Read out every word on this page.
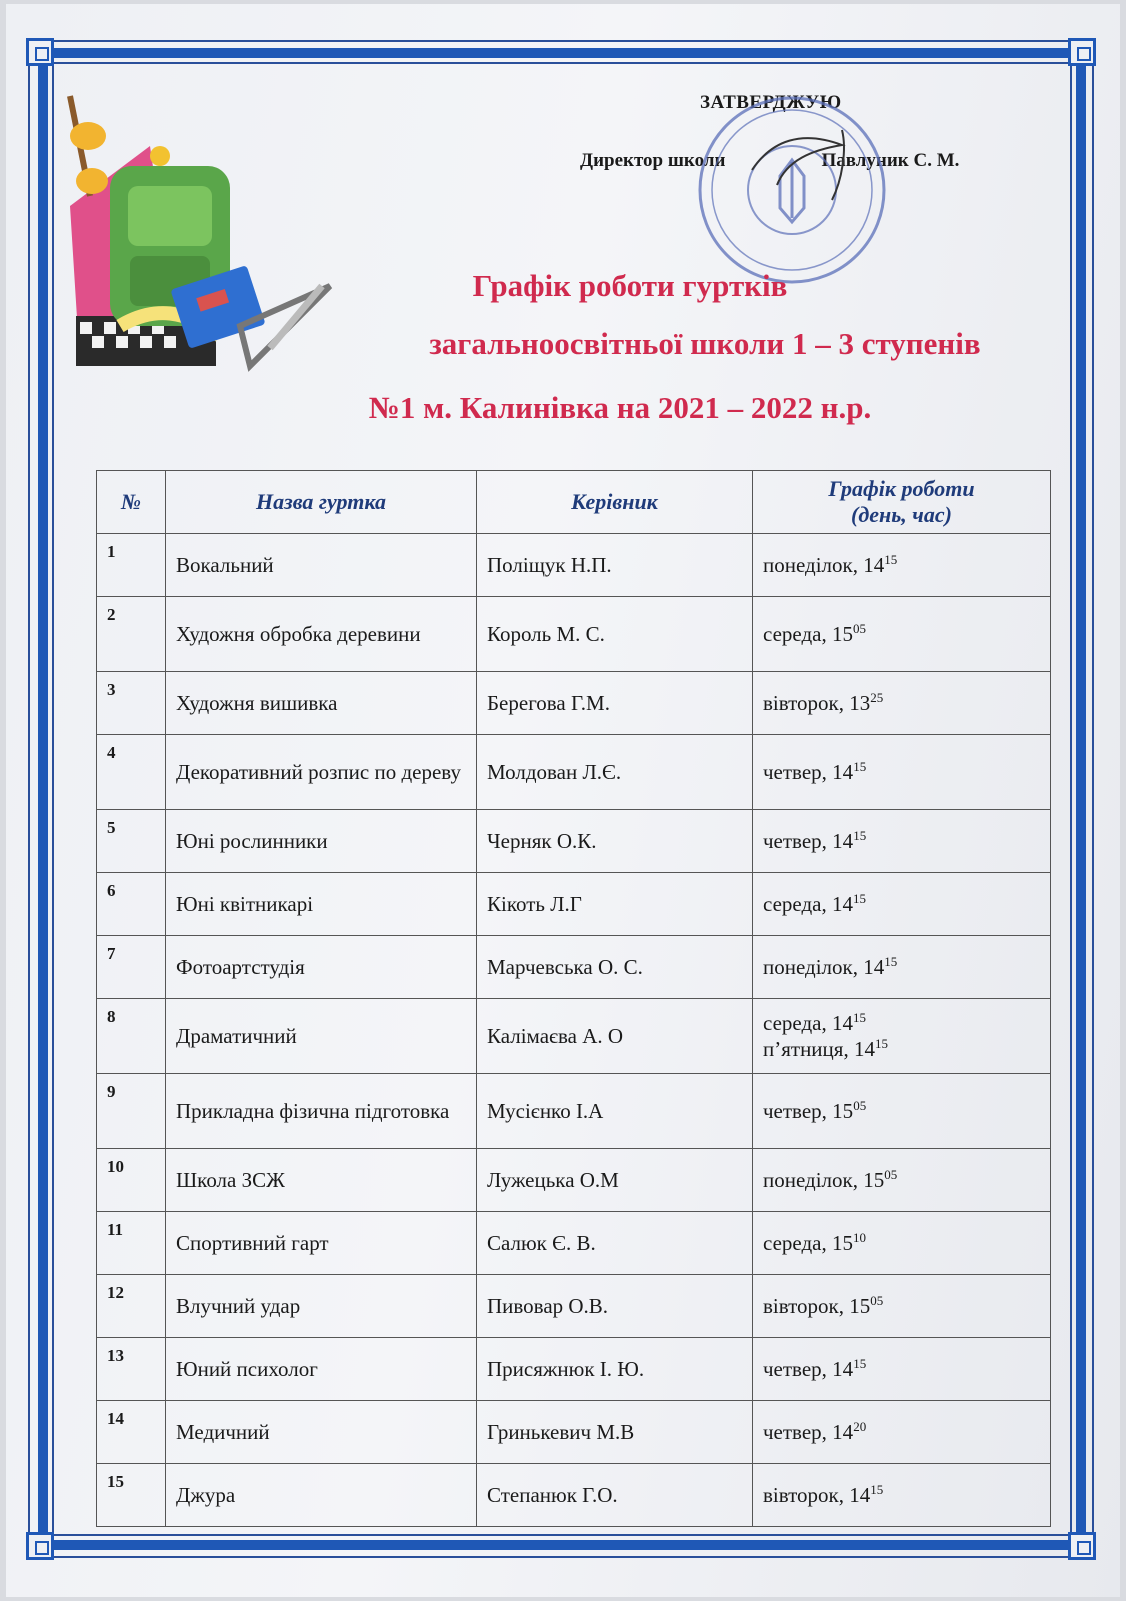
ЗАТВЕРДЖУЮ
Директор школи	Павлуник С. М.
Графік роботи гуртків
загальноосвітньої школи 1 – 3 ступенів
№1 м. Калинівка на 2021 – 2022 н.р.
№	Назва гуртка	Керівник	Графік роботи
(день, час)

1	Вокальний	Поліщук Н.П.	понеділок, $14^{15}$

2	Художня обробка деревини	Король М. С.	середа, $15^{05}$

3	Художня вишивка	Берегова Г.М.	вівторок, $13^{25}$

4	Декоративний розпис по дереву	Молдован Л.Є.	четвер, $14^{15}$

5	Юні рослинники	Черняк О.К.	четвер, $14^{15}$

6	Юні квітникарі	Кікоть Л.Г	середа, $14^{15}$

7	Фотоартстудія	Марчевська О. С.	понеділок, $14^{15}$

8	Драматичний	Калімаєва А. О	середа, $14^{15}$
п’ятниця, $14^{15}$

9	Прикладна фізична підготовка	Мусієнко І.А	четвер, $15^{05}$

10	Школа ЗСЖ	Лужецька О.М	понеділок, $15^{05}$

11	Спортивний гарт	Салюк Є. В.	середа, $15^{10}$

12	Влучний удар	Пивовар О.В.	вівторок, $15^{05}$

13	Юний психолог	Присяжнюк І. Ю.	четвер, $14^{15}$

14	Медичний	Гринькевич М.В	четвер, $14^{20}$

15	Джура	Степанюк Г.О.	вівторок, $14^{15}$
